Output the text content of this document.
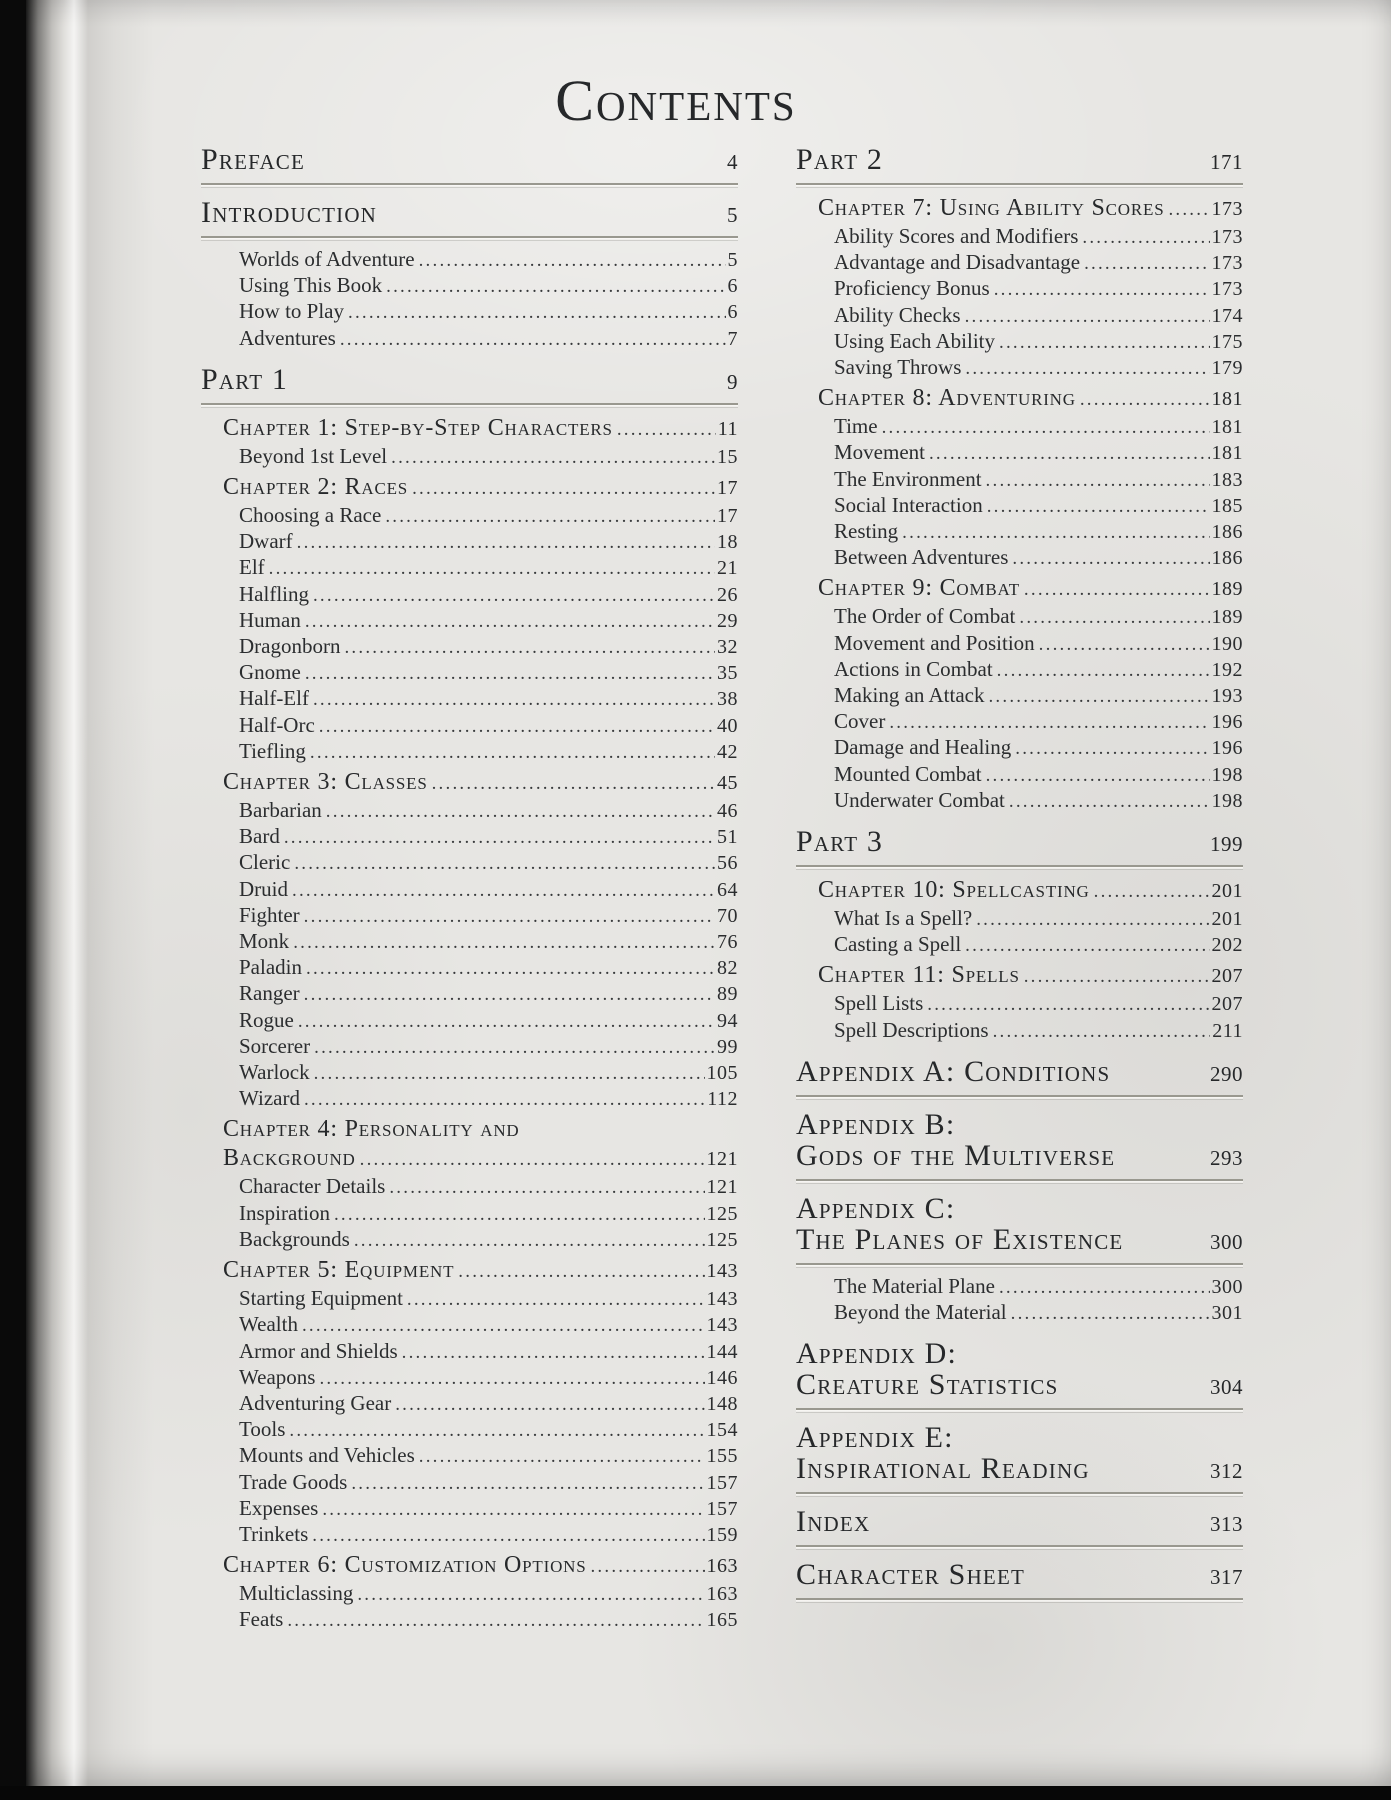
Contents
Preface	4
Introduction	5
Worlds of Adventure .....	5
Using This Book .....	6
How to Play .....	6
Adventures .....	7
Part 1	9
Chapter 1: Step-by-Step Characters .....	11
Beyond 1st Level .....	15
Chapter 2: Races .....	17
Choosing a Race .....	17
Dwarf .....	18
Elf .....	21
Halfling .....	26
Human .....	29
Dragonborn .....	32
Gnome .....	35
Half-Elf .....	38
Half-Orc .....	40
Tiefling .....	42
Chapter 3: Classes .....	45
Barbarian .....	46
Bard .....	51
Cleric .....	56
Druid .....	64
Fighter .....	70
Monk .....	76
Paladin .....	82
Ranger .....	89
Rogue .....	94
Sorcerer .....	99
Warlock .....	105
Wizard .....	112
Chapter 4: Personality and
Background .....	121
Character Details .....	121
Inspiration .....	125
Backgrounds .....	125
Chapter 5: Equipment .....	143
Starting Equipment .....	143
Wealth .....	143
Armor and Shields .....	144
Weapons .....	146
Adventuring Gear .....	148
Tools .....	154
Mounts and Vehicles .....	155
Trade Goods .....	157
Expenses .....	157
Trinkets .....	159
Chapter 6: Customization Options .....	163
Multiclassing .....	163
Feats .....	165
Part 2	171
Chapter 7: Using Ability Scores ..... 173
Ability Scores and Modifiers .....	173
Advantage and Disadvantage .....	173
Proficiency Bonus .....	173
Ability Checks .....	174
Using Each Ability .....	175
Saving Throws .....	179
Chapter 8: Adventuring .....	181
Time .....	181
Movement .....	181
The Environment .....	183
Social Interaction .....	185
Resting .....	186
Between Adventures .....	186
Chapter 9: Combat .....	189
The Order of Combat .....	189
Movement and Position .....	190
Actions in Combat .....	192
Making an Attack .....	193
Cover .....	196
Damage and Healing .....	196
Mounted Combat .....	198
Underwater Combat .....	198
Part 3	199
Chapter 10: Spellcasting .....	201
What Is a Spell? .....	201
Casting a Spell .....	202
Chapter 11: Spells .....	207
Spell Lists .....	207
Spell Descriptions .....	211
Appendix A: Conditions	290
Appendix B:
Gods of the Multiverse	293
Appendix C:
The Planes of Existence	300
The Material Plane .....	300
Beyond the Material .....	301
Appendix D:
Creature Statistics	304
Appendix E:
Inspirational Reading	312
Index	313
Character Sheet	317
